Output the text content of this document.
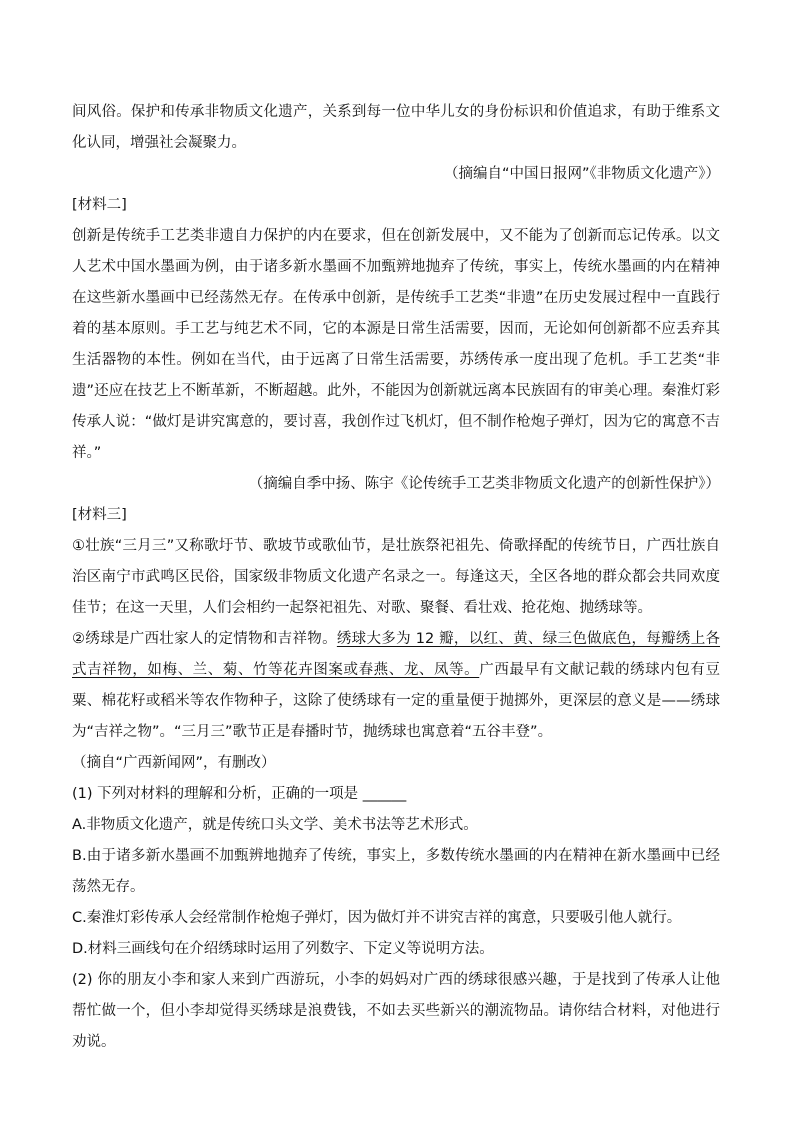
间风俗。保护和传承非物质文化遗产，关系到每一位中华儿女的身份标识和价值追求，有助于维系文化认同，增强社会凝聚力。

（摘编自“中国日报网”《非物质文化遗产》）

[材料二]

创新是传统手工艺类非遗自力保护的内在要求，但在创新发展中，又不能为了创新而忘记传承。以文人艺术中国水墨画为例，由于诸多新水墨画不加甄辨地抛弃了传统，事实上，传统水墨画的内在精神在这些新水墨画中已经荡然无存。在传承中创新，是传统手工艺类“非遗”在历史发展过程中一直践行着的基本原则。手工艺与纯艺术不同，它的本源是日常生活需要，因而，无论如何创新都不应丢弃其生活器物的本性。例如在当代，由于远离了日常生活需要，苏绣传承一度出现了危机。手工艺类“非遗”还应在技艺上不断革新，不断超越。此外，不能因为创新就远离本民族固有的审美心理。秦淮灯彩传承人说：“做灯是讲究寓意的，要讨喜，我创作过飞机灯，但不制作枪炮子弹灯，因为它的寓意不吉祥。”

（摘编自季中扬、陈宇《论传统手工艺类非物质文化遗产的创新性保护》）

[材料三]

①壮族“三月三”又称歌圩节、歌坡节或歌仙节，是壮族祭祀祖先、倚歌择配的传统节日，广西壮族自治区南宁市武鸣区民俗，国家级非物质文化遗产名录之一。每逢这天，全区各地的群众都会共同欢度佳节；在这一天里，人们会相约一起祭祀祖先、对歌、聚餐、看壮戏、抢花炮、抛绣球等。

②绣球是广西壮家人的定情物和吉祥物。绣球大多为 12 瓣，以红、黄、绿三色做底色，每瓣绣上各式吉祥物，如梅、兰、菊、竹等花卉图案或春燕、龙、凤等。广西最早有文献记载的绣球内包有豆粟、棉花籽或稻米等农作物种子，这除了使绣球有一定的重量便于抛掷外，更深层的意义是——绣球为“吉祥之物”。“三月三”歌节正是春播时节，抛绣球也寓意着“五谷丰登”。

（摘自“广西新闻网”，有删改）

(1) 下列对材料的理解和分析，正确的一项是 ______

A.非物质文化遗产，就是传统口头文学、美术书法等艺术形式。

B.由于诸多新水墨画不加甄辨地抛弃了传统，事实上，多数传统水墨画的内在精神在新水墨画中已经荡然无存。

C.秦淮灯彩传承人会经常制作枪炮子弹灯，因为做灯并不讲究吉祥的寓意，只要吸引他人就行。

D.材料三画线句在介绍绣球时运用了列数字、下定义等说明方法。

(2) 你的朋友小李和家人来到广西游玩，小李的妈妈对广西的绣球很感兴趣，于是找到了传承人让他帮忙做一个，但小李却觉得买绣球是浪费钱，不如去买些新兴的潮流物品。请你结合材料，对他进行劝说。
